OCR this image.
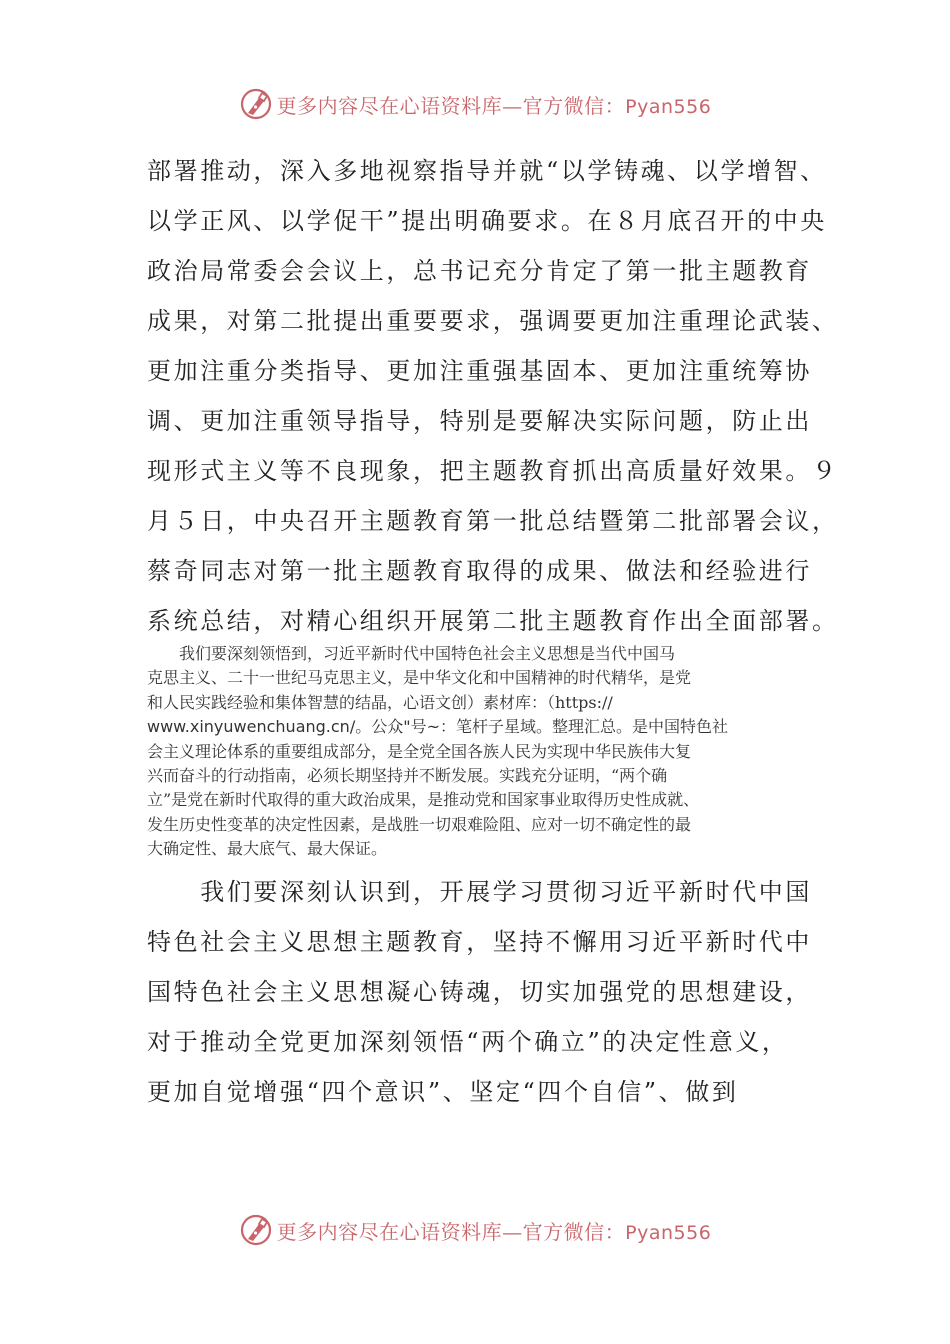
更多内容尽在心语资料库—官方微信：Pyan556
部署推动，深入多地视察指导并就“以学铸魂、以学增智、
以学正风、以学促干”提出明确要求。在８月底召开的中央
政治局常委会会议上，总书记充分肯定了第一批主题教育
成果，对第二批提出重要要求，强调要更加注重理论武装、
更加注重分类指导、更加注重强基固本、更加注重统筹协
调、更加注重领导指导，特别是要解决实际问题，防止出
现形式主义等不良现象，把主题教育抓出高质量好效果。９
月５日，中央召开主题教育第一批总结暨第二批部署会议，
蔡奇同志对第一批主题教育取得的成果、做法和经验进行
系统总结，对精心组织开展第二批主题教育作出全面部署。
　　我们要深刻领悟到，习近平新时代中国特色社会主义思想是当代中国马
克思主义、二十一世纪马克思主义，是中华文化和中国精神的时代精华，是党
和人民实践经验和集体智慧的结晶，心语文创）素材库：（https://
www.xinyuwenchuang.cn/。公众"号~：笔杆子星域。整理汇总。是中国特色社
会主义理论体系的重要组成部分，是全党全国各族人民为实现中华民族伟大复
兴而奋斗的行动指南，必须长期坚持并不断发展。实践充分证明，“两个确
立”是党在新时代取得的重大政治成果，是推动党和国家事业取得历史性成就、
发生历史性变革的决定性因素，是战胜一切艰难险阻、应对一切不确定性的最
大确定性、最大底气、最大保证。
　　我们要深刻认识到，开展学习贯彻习近平新时代中国
特色社会主义思想主题教育，坚持不懈用习近平新时代中
国特色社会主义思想凝心铸魂，切实加强党的思想建设，
对于推动全党更加深刻领悟“两个确立”的决定性意义，
更加自觉增强“四个意识”、坚定“四个自信”、做到
更多内容尽在心语资料库—官方微信：Pyan556
